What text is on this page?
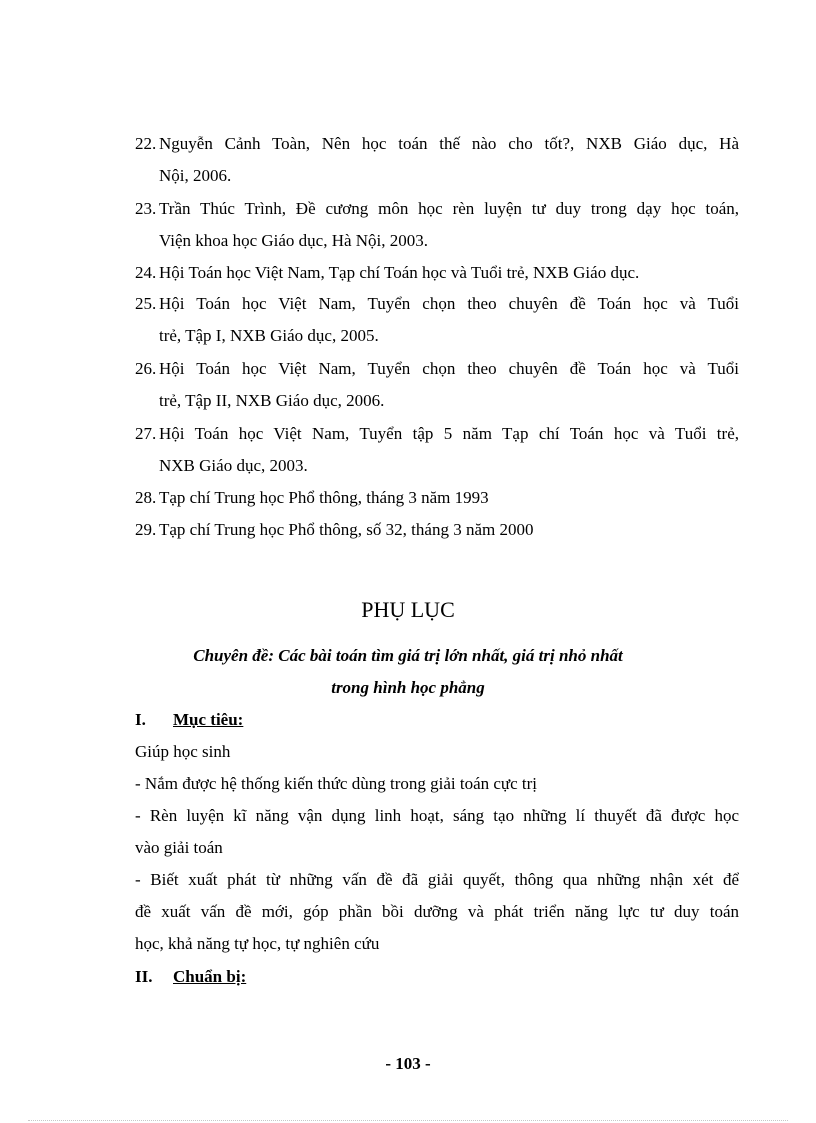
22. Nguyễn Cảnh Toàn, Nên học toán thế nào cho tốt?, NXB Giáo dục, Hà
Nội, 2006.
23. Trần Thúc Trình, Đề cương môn học rèn luyện tư duy trong dạy học toán,
Viện khoa học Giáo dục, Hà Nội, 2003.
24. Hội Toán học Việt Nam, Tạp chí Toán học và Tuổi trẻ, NXB Giáo dục.
25. Hội Toán học Việt Nam, Tuyển chọn theo chuyên đề Toán học và Tuổi
trẻ, Tập I, NXB Giáo dục, 2005.
26. Hội Toán học Việt Nam, Tuyển chọn theo chuyên đề Toán học và Tuổi
trẻ, Tập II, NXB Giáo dục, 2006.
27. Hội Toán học Việt Nam, Tuyển tập 5 năm Tạp chí Toán học và Tuổi trẻ,
NXB Giáo dục, 2003.
28. Tạp chí Trung học Phổ thông, tháng 3 năm 1993
29. Tạp chí Trung học Phổ thông, số 32, tháng 3 năm 2000
PHỤ LỤC
Chuyên đề: Các bài toán tìm giá trị lớn nhất, giá trị nhỏ nhất
trong hình học phẳng
I. Mục tiêu:
Giúp học sinh
- Nắm được hệ thống kiến thức dùng trong giải toán cực trị
- Rèn luyện kĩ năng vận dụng linh hoạt, sáng tạo những lí thuyết đã được học
vào giải toán
- Biết xuất phát từ những vấn đề đã giải quyết, thông qua những nhận xét để
đề xuất vấn đề mới, góp phần bồi dưỡng và phát triển năng lực tư duy toán
học, khả năng tự học, tự nghiên cứu
II. Chuẩn bị:
- 103 -
